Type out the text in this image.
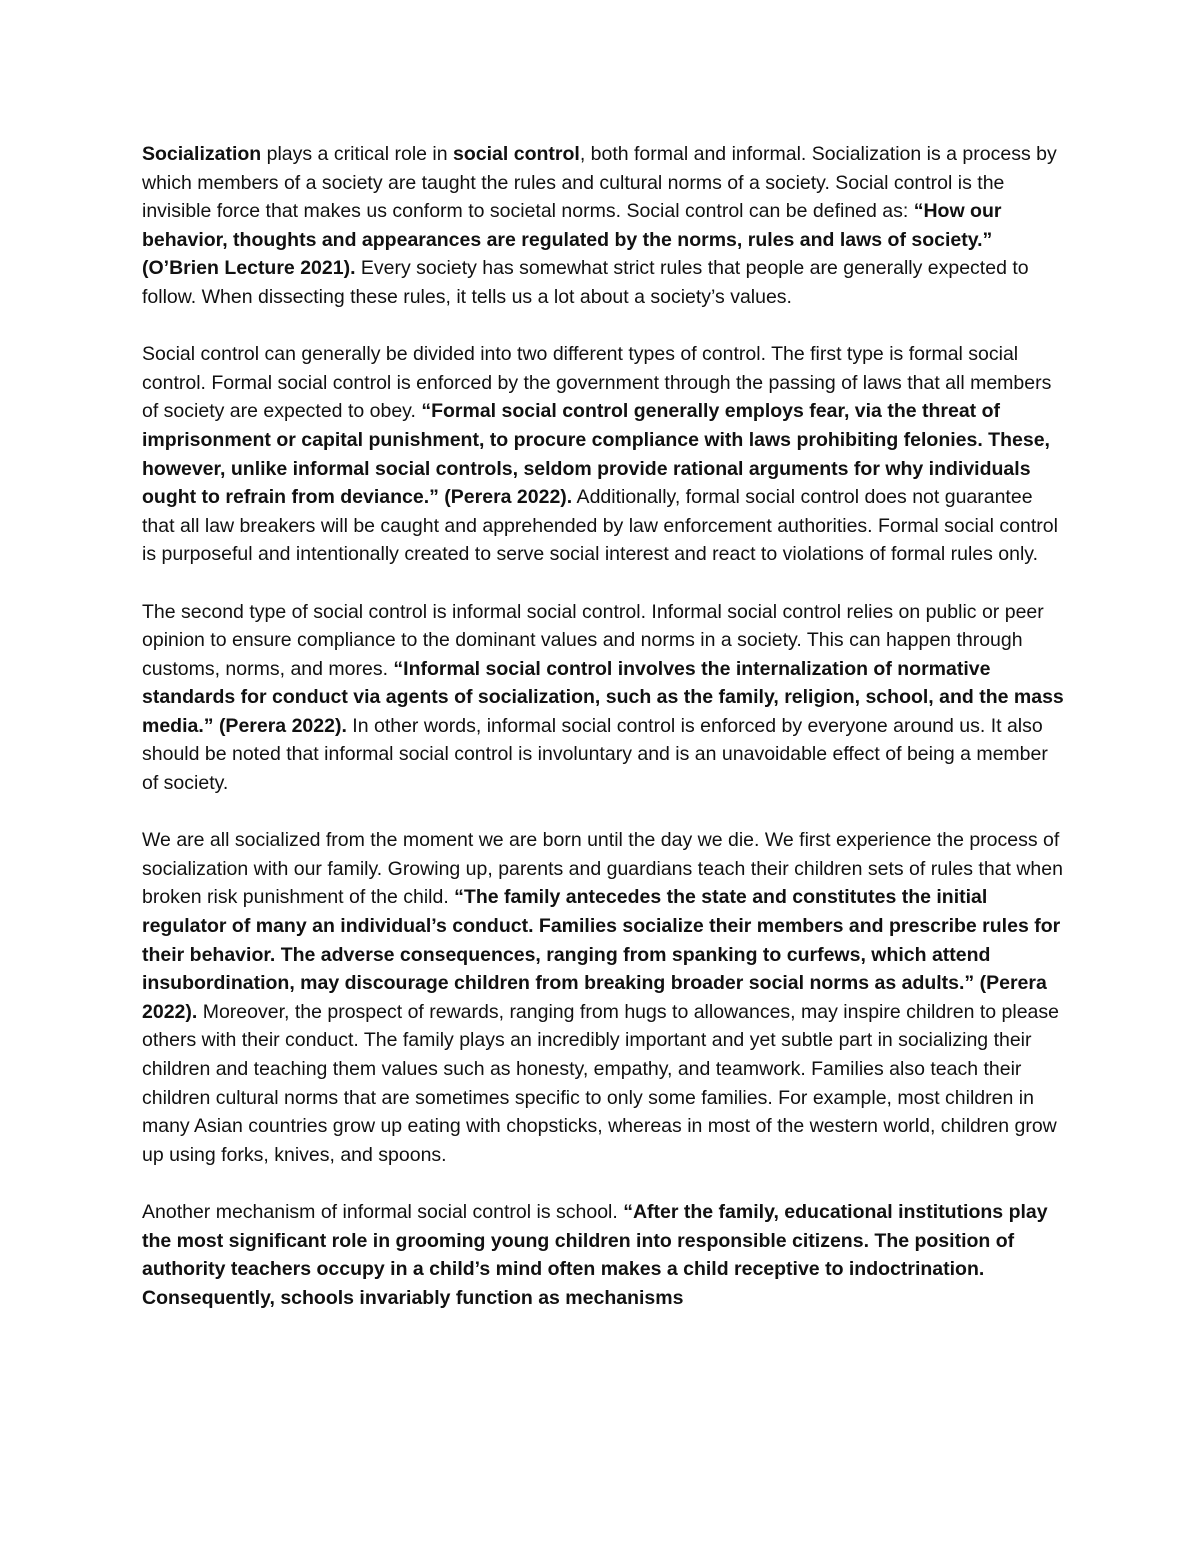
Socialization plays a critical role in social control, both formal and informal. Socialization is a process by which members of a society are taught the rules and cultural norms of a society. Social control is the invisible force that makes us conform to societal norms. Social control can be defined as: “How our behavior, thoughts and appearances are regulated by the norms, rules and laws of society.” (O’Brien Lecture 2021). Every society has somewhat strict rules that people are generally expected to follow. When dissecting these rules, it tells us a lot about a society’s values.

Social control can generally be divided into two different types of control. The first type is formal social control. Formal social control is enforced by the government through the passing of laws that all members of society are expected to obey. “Formal social control generally employs fear, via the threat of imprisonment or capital punishment, to procure compliance with laws prohibiting felonies. These, however, unlike informal social controls, seldom provide rational arguments for why individuals ought to refrain from deviance.” (Perera 2022). Additionally, formal social control does not guarantee that all law breakers will be caught and apprehended by law enforcement authorities. Formal social control is purposeful and intentionally created to serve social interest and react to violations of formal rules only.

The second type of social control is informal social control. Informal social control relies on public or peer opinion to ensure compliance to the dominant values and norms in a society. This can happen through customs, norms, and mores. “Informal social control involves the internalization of normative standards for conduct via agents of socialization, such as the family, religion, school, and the mass media.” (Perera 2022). In other words, informal social control is enforced by everyone around us. It also should be noted that informal social control is involuntary and is an unavoidable effect of being a member of society.

We are all socialized from the moment we are born until the day we die. We first experience the process of socialization with our family. Growing up, parents and guardians teach their children sets of rules that when broken risk punishment of the child. “The family antecedes the state and constitutes the initial regulator of many an individual’s conduct. Families socialize their members and prescribe rules for their behavior. The adverse consequences, ranging from spanking to curfews, which attend insubordination, may discourage children from breaking broader social norms as adults.” (Perera 2022). Moreover, the prospect of rewards, ranging from hugs to allowances, may inspire children to please others with their conduct. The family plays an incredibly important and yet subtle part in socializing their children and teaching them values such as honesty, empathy, and teamwork. Families also teach their children cultural norms that are sometimes specific to only some families. For example, most children in many Asian countries grow up eating with chopsticks, whereas in most of the western world, children grow up using forks, knives, and spoons.

Another mechanism of informal social control is school. “After the family, educational institutions play the most significant role in grooming young children into responsible citizens. The position of authority teachers occupy in a child’s mind often makes a child receptive to indoctrination. Consequently, schools invariably function as mechanisms
